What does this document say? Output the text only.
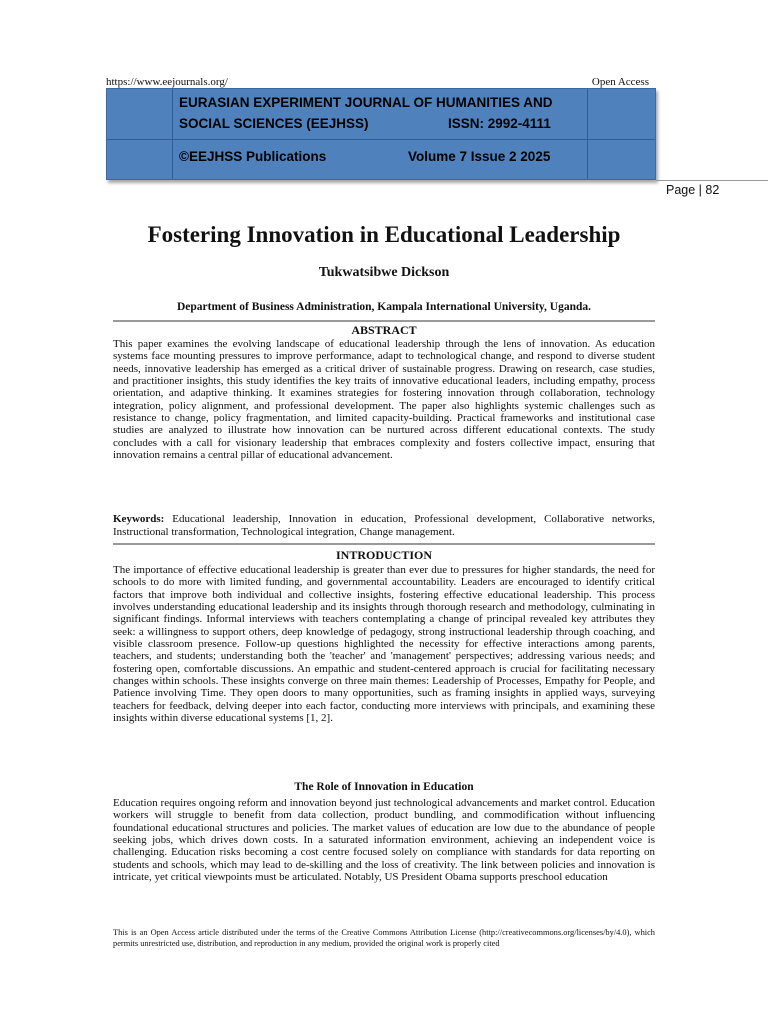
https://www.eejournals.org/	Open Access
EURASIAN EXPERIMENT JOURNAL OF HUMANITIES AND
SOCIAL SCIENCES (EEJHSS)	ISSN: 2992-4111
©EEJHSS Publications	Volume 7 Issue 2 2025
Page | 82
Fostering Innovation in Educational Leadership
Tukwatsibwe Dickson
Department of Business Administration, Kampala International University, Uganda.
ABSTRACT
This paper examines the evolving landscape of educational leadership through the lens of innovation. As education systems face mounting pressures to improve performance, adapt to technological change, and respond to diverse student needs, innovative leadership has emerged as a critical driver of sustainable progress. Drawing on research, case studies, and practitioner insights, this study identifies the key traits of innovative educational leaders, including empathy, process orientation, and adaptive thinking. It examines strategies for fostering innovation through collaboration, technology integration, policy alignment, and professional development. The paper also highlights systemic challenges such as resistance to change, policy fragmentation, and limited capacity-building. Practical frameworks and institutional case studies are analyzed to illustrate how innovation can be nurtured across different educational contexts. The study concludes with a call for visionary leadership that embraces complexity and fosters collective impact, ensuring that innovation remains a central pillar of educational advancement.
Keywords: Educational leadership, Innovation in education, Professional development, Collaborative networks, Instructional transformation, Technological integration, Change management.
INTRODUCTION
The importance of effective educational leadership is greater than ever due to pressures for higher standards, the need for schools to do more with limited funding, and governmental accountability. Leaders are encouraged to identify critical factors that improve both individual and collective insights, fostering effective educational leadership. This process involves understanding educational leadership and its insights through thorough research and methodology, culminating in significant findings. Informal interviews with teachers contemplating a change of principal revealed key attributes they seek: a willingness to support others, deep knowledge of pedagogy, strong instructional leadership through coaching, and visible classroom presence. Follow-up questions highlighted the necessity for effective interactions among parents, teachers, and students; understanding both the 'teacher' and 'management' perspectives; addressing various needs; and fostering open, comfortable discussions. An empathic and student-centered approach is crucial for facilitating necessary changes within schools. These insights converge on three main themes: Leadership of Processes, Empathy for People, and Patience involving Time. They open doors to many opportunities, such as framing insights in applied ways, surveying teachers for feedback, delving deeper into each factor, conducting more interviews with principals, and examining these insights within diverse educational systems [1, 2].
The Role of Innovation in Education
Education requires ongoing reform and innovation beyond just technological advancements and market control. Education workers will struggle to benefit from data collection, product bundling, and commodification without influencing foundational educational structures and policies. The market values of education are low due to the abundance of people seeking jobs, which drives down costs. In a saturated information environment, achieving an independent voice is challenging. Education risks becoming a cost centre focused solely on compliance with standards for data reporting on students and schools, which may lead to de-skilling and the loss of creativity. The link between policies and innovation is intricate, yet critical viewpoints must be articulated. Notably, US President Obama supports preschool education
This is an Open Access article distributed under the terms of the Creative Commons Attribution License (http://creativecommons.org/licenses/by/4.0), which permits unrestricted use, distribution, and reproduction in any medium, provided the original work is properly cited
